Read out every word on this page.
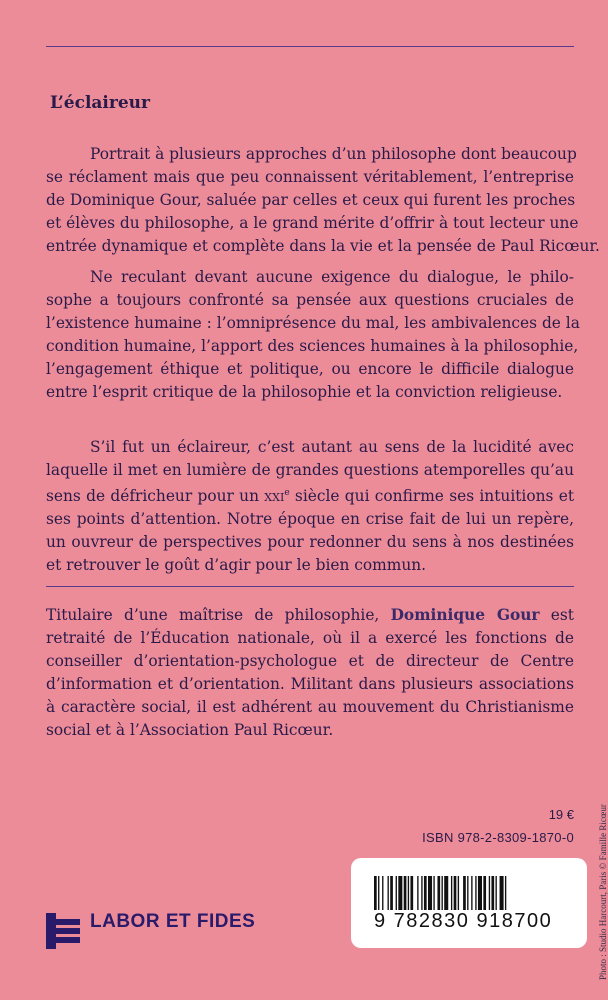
L’éclaireur
Portrait à plusieurs approches d’un philosophe dont beaucoup
se réclament mais que peu connaissent véritablement, l’entreprise
de Dominique Gour, saluée par celles et ceux qui furent les proches
et élèves du philosophe, a le grand mérite d’offrir à tout lecteur une
entrée dynamique et complète dans la vie et la pensée de Paul Ricœur.
Ne reculant devant aucune exigence du dialogue, le philo-
sophe a toujours confronté sa pensée aux questions cruciales de
l’existence humaine : l’omniprésence du mal, les ambivalences de la
condition humaine, l’apport des sciences humaines à la philosophie,
l’engagement éthique et politique, ou encore le difficile dialogue
entre l’esprit critique de la philosophie et la conviction religieuse.
S’il fut un éclaireur, c’est autant au sens de la lucidité avec
laquelle il met en lumière de grandes questions atemporelles qu’au
sens de défricheur pour un xxi$^e$ siècle qui confirme ses intuitions et
ses points d’attention. Notre époque en crise fait de lui un repère,
un ouvreur de perspectives pour redonner du sens à nos destinées
et retrouver le goût d’agir pour le bien commun.
Titulaire d’une maîtrise de philosophie, Dominique Gour est
retraité de l’Éducation nationale, où il a exercé les fonctions de
conseiller d’orientation-psychologue et de directeur de Centre
d’information et d’orientation. Militant dans plusieurs associations
à caractère social, il est adhérent au mouvement du Christianisme
social et à l’Association Paul Ricœur.
19 €
ISBN 978-2-8309-1870-0
9 782830 918700
LABOR ET FIDES	Photo : Studio Harcourt, Paris © Famille Ricœur
